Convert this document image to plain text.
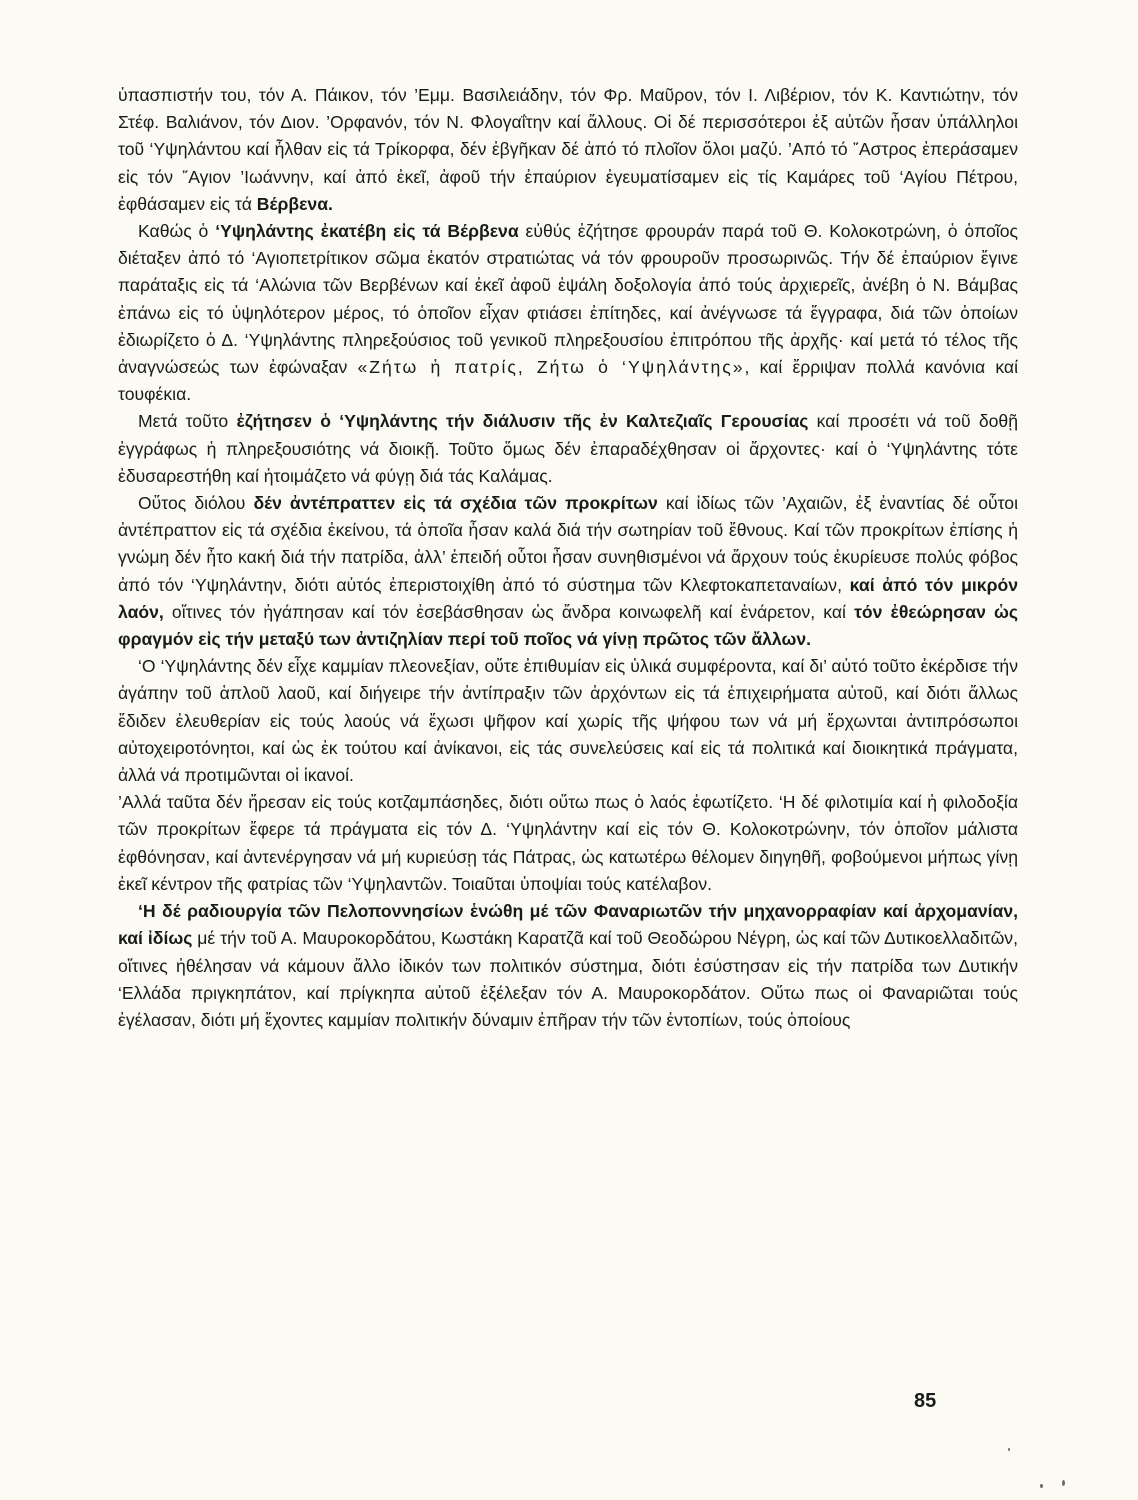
ὑπασπιστήν του, τόν Α. Πάικον, τόν ’Εμμ. Βασιλειάδην, τόν Φρ. Μαῦρον, τόν Ι. Λιβέριον, τόν Κ. Καντιώτην, τόν Στέφ. Βαλιάνον, τόν Διον. ’Ορφανόν, τόν Ν. Φλογαΐτην καί ἄλλους. Οἱ δέ περισσότεροι ἐξ αὐτῶν ἦσαν ὑπάλληλοι τοῦ ‘Υψηλάντου καί ἦλθαν εἰς τά Τρίκορφα, δέν ἐβγῆκαν δέ ἀπό τό πλοῖον ὅλοι μαζύ. ’Από τό ῎Αστρος ἐπεράσαμεν εἰς τόν ῎Αγιον ’Ιωάννην, καί ἀπό ἐκεῖ, ἀφοῦ τήν ἐπαύριον ἐγευματίσαμεν εἰς τίς Καμάρες τοῦ ‘Αγίου Πέτρου, ἐφθάσαμεν εἰς τά Βέρβενα.

Καθώς ὁ ‘Υψηλάντης ἐκατέβη εἰς τά Βέρβενα εὐθύς ἐζήτησε φρουράν παρά τοῦ Θ. Κολοκοτρώνη, ὁ ὁποῖος διέταξεν ἀπό τό ‘Αγιοπετρίτικον σῶμα ἑκατόν στρατιώτας νά τόν φρουροῦν προσωρινῶς. Τήν δέ ἐπαύριον ἔγινε παράταξις εἰς τά ‘Αλώνια τῶν Βερβένων καί ἐκεῖ ἀφοῦ ἐψάλη δοξολογία ἀπό τούς ἀρχιερεῖς, ἀνέβη ὁ Ν. Βάμβας ἐπάνω εἰς τό ὑψηλότερον μέρος, τό ὁποῖον εἶχαν φτιάσει ἐπίτηδες, καί ἀνέγνωσε τά ἔγγραφα, διά τῶν ὁποίων ἐδιωρίζετο ὁ Δ. ‘Υψηλάντης πληρεξούσιος τοῦ γενικοῦ πληρεξουσίου ἐπιτρόπου τῆς ἀρχῆς· καί μετά τό τέλος τῆς ἀναγνώσεώς των ἐφώναξαν «Ζήτω ἡ πατρίς, Ζήτω ὁ ‘Υψηλάντης», καί ἔρριψαν πολλά κανόνια καί τουφέκια.

Μετά τοῦτο ἐζήτησεν ὁ ‘Υψηλάντης τήν διάλυσιν τῆς ἐν Καλτεζιαῖς Γερουσίας καί προσέτι νά τοῦ δοθῇ ἐγγράφως ἡ πληρεξουσιότης νά διοικῇ. Τοῦτο ὅμως δέν ἐπαραδέχθησαν οἱ ἄρχοντες· καί ὁ ‘Υψηλάντης τότε ἐδυσαρεστήθη καί ἡτοιμάζετο νά φύγῃ διά τάς Καλάμας.

Οὕτος διόλου δέν ἀντέπραττεν εἰς τά σχέδια τῶν προκρίτων καί ἰδίως τῶν ’Αχαιῶν, ἐξ ἐναντίας δέ οὗτοι ἀντέπραττον εἰς τά σχέδια ἐκείνου, τά ὁποῖα ἦσαν καλά διά τήν σωτηρίαν τοῦ ἔθνους. Καί τῶν προκρίτων ἐπίσης ἡ γνώμη δέν ἦτο κακή διά τήν πατρίδα, ἀλλ’ ἐπειδή οὗτοι ἦσαν συνηθισμένοι νά ἄρχουν τούς ἐκυρίευσε πολύς φόβος ἀπό τόν ‘Υψηλάντην, διότι αὐτός ἐπεριστοιχίθη ἀπό τό σύστημα τῶν Κλεφτοκαπεταναίων, καί ἀπό τόν μικρόν λαόν, οἵτινες τόν ἠγάπησαν καί τόν ἐσεβάσθησαν ὡς ἄνδρα κοινωφελῆ καί ἐνάρετον, καί τόν ἐθεώρησαν ὡς φραγμόν εἰς τήν μεταξύ των ἀντιζηλίαν περί τοῦ ποῖος νά γίνῃ πρῶτος τῶν ἄλλων.

‘Ο ‘Υψηλάντης δέν εἶχε καμμίαν πλεονεξίαν, οὔτε ἐπιθυμίαν εἰς ὑλικά συμφέροντα, καί δι’ αὐτό τοῦτο ἐκέρδισε τήν ἀγάπην τοῦ ἁπλοῦ λαοῦ, καί διήγειρε τήν ἀντίπραξιν τῶν ἀρχόντων εἰς τά ἐπιχειρήματα αὐτοῦ, καί διότι ἄλλως ἔδιδεν ἐλευθερίαν εἰς τούς λαούς νά ἔχωσι ψῆφον καί χωρίς τῆς ψήφου των νά μή ἔρχωνται ἀντιπρόσωποι αὐτοχειροτόνητοι, καί ὡς ἐκ τούτου καί ἀνίκανοι, εἰς τάς συνελεύσεις καί εἰς τά πολιτικά καί διοικητικά πράγματα, ἀλλά νά προτιμῶνται οἱ ἱκανοί.

’Αλλά ταῦτα δέν ἤρεσαν εἰς τούς κοτζαμπάσηδες, διότι οὕτω πως ὁ λαός ἐφωτίζετο. ‘Η δέ φιλοτιμία καί ἡ φιλοδοξία τῶν προκρίτων ἔφερε τά πράγματα εἰς τόν Δ. ‘Υψηλάντην καί εἰς τόν Θ. Κολοκοτρώνην, τόν ὁποῖον μάλιστα ἐφθόνησαν, καί ἀντενέργησαν νά μή κυριεύσῃ τάς Πάτρας, ὡς κατωτέρω θέλομεν διηγηθῆ, φοβούμενοι μήπως γίνῃ ἐκεῖ κέντρον τῆς φατρίας τῶν ‘Υψηλαντῶν. Τοιαῦται ὑποψίαι τούς κατέλαβον.

‘Η δέ ραδιουργία τῶν Πελοποννησίων ἑνώθη μέ τῶν Φαναριωτῶν τήν μηχανορραφίαν καί ἀρχομανίαν, καί ἰδίως μέ τήν τοῦ Α. Μαυροκορδάτου, Κωστάκη Καρατζᾶ καί τοῦ Θεοδώρου Νέγρη, ὡς καί τῶν Δυτικοελλαδιτῶν, οἵτινες ἠθέλησαν νά κάμουν ἄλλο ἰδικόν των πολιτικόν σύστημα, διότι ἐσύστησαν εἰς τήν πατρίδα των Δυτικήν ‘Ελλάδα πριγκηπάτον, καί πρίγκηπα αὐτοῦ ἐξέλεξαν τόν Α. Μαυροκορδάτον. Οὕτω πως οἱ Φαναριῶται τούς ἐγέλασαν, διότι μή ἔχοντες καμμίαν πολιτικήν δύναμιν ἐπῆραν τήν τῶν ἐντοπίων, τούς ὁποίους

85
